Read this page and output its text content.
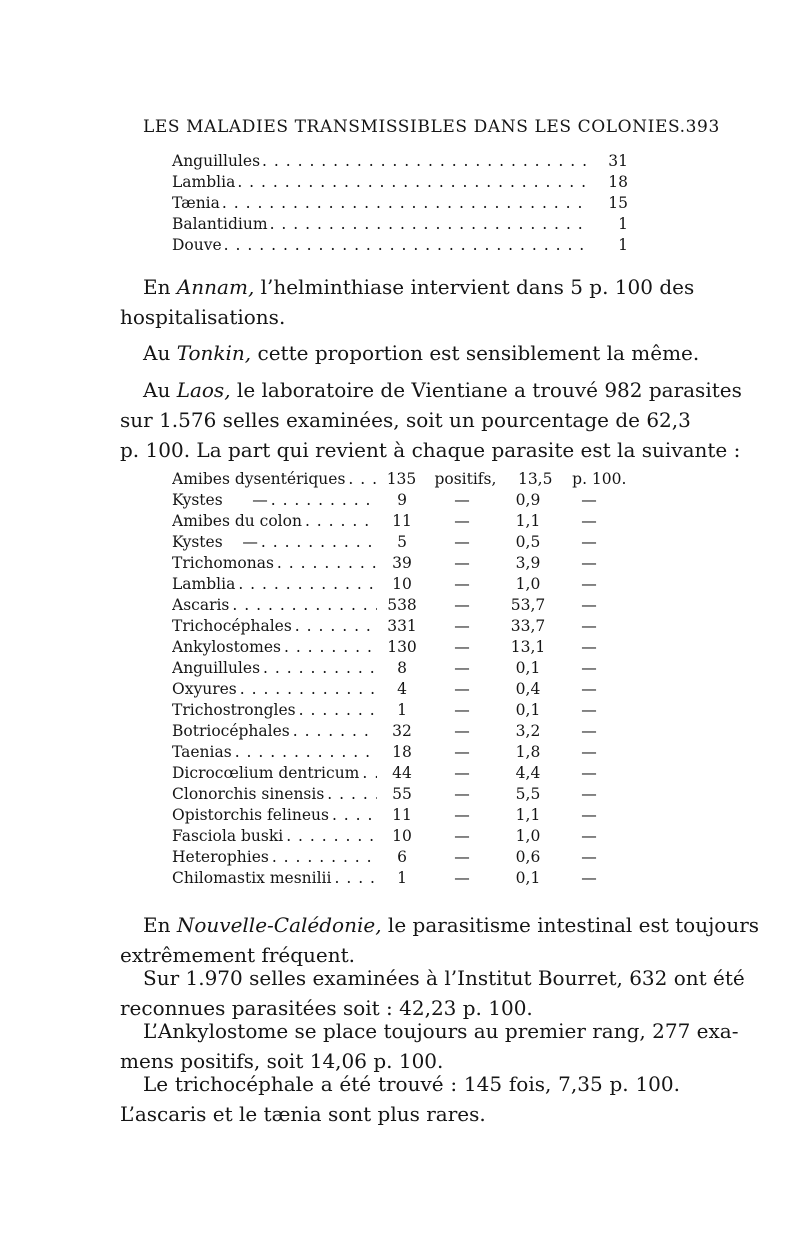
LES MALADIES TRANSMISSIBLES DANS LES COLONIES. 393
Anguillules . . .	31
Lamblia . . .	18
Tænia . . .	15
Balantidium . . .	1
Douve . . .	1

En Annam, l’helminthiase intervient dans 5 p. 100 des
hospitalisations.

Au Tonkin, cette proportion est sensiblement la même.

Au Laos, le laboratoire de Vientiane a trouvé 982 parasites
sur 1.576 selles examinées, soit un pourcentage de 62,3
p. 100. La part qui revient à chaque parasite est la suivante :

Amibes dysentériques . . .	135	positifs,	13,5	p. 100.
Kystes      — . . .	9	—	0,9	—
Amibes du colon . . .	11	—	1,1	—
Kystes    — . . .	5	—	0,5	—
Trichomonas . . .	39	—	3,9	—
Lamblia . . .	10	—	1,0	—
Ascaris . . .	538	—	53,7	—
Trichocéphales . . .	331	—	33,7	—
Ankylostomes . . .	130	—	13,1	—
Anguillules . . .	8	—	0,1	—
Oxyures . . .	4	—	0,4	—
Trichostrongles . . .	1	—	0,1	—
Botriocéphales . . .	32	—	3,2	—
Taenias . . .	18	—	1,8	—
Dicrocœlium dentricum . . .	44	—	4,4	—
Clonorchis sinensis . . .	55	—	5,5	—
Opistorchis felineus . . .	11	—	1,1	—
Fasciola buski . . .	10	—	1,0	—
Heterophies . . .	6	—	0,6	—
Chilomastix mesnilii . . .	1	—	0,1	—

En Nouvelle-Calédonie, le parasitisme intestinal est toujours
extrêmement fréquent.

Sur 1.970 selles examinées à l’Institut Bourret, 632 ont été
reconnues parasitées soit : 42,23 p. 100.

L’Ankylostome se place toujours au premier rang, 277 exa-
mens positifs, soit 14,06 p. 100.

Le trichocéphale a été trouvé : 145 fois, 7,35 p. 100.
L’ascaris et le tænia sont plus rares.
